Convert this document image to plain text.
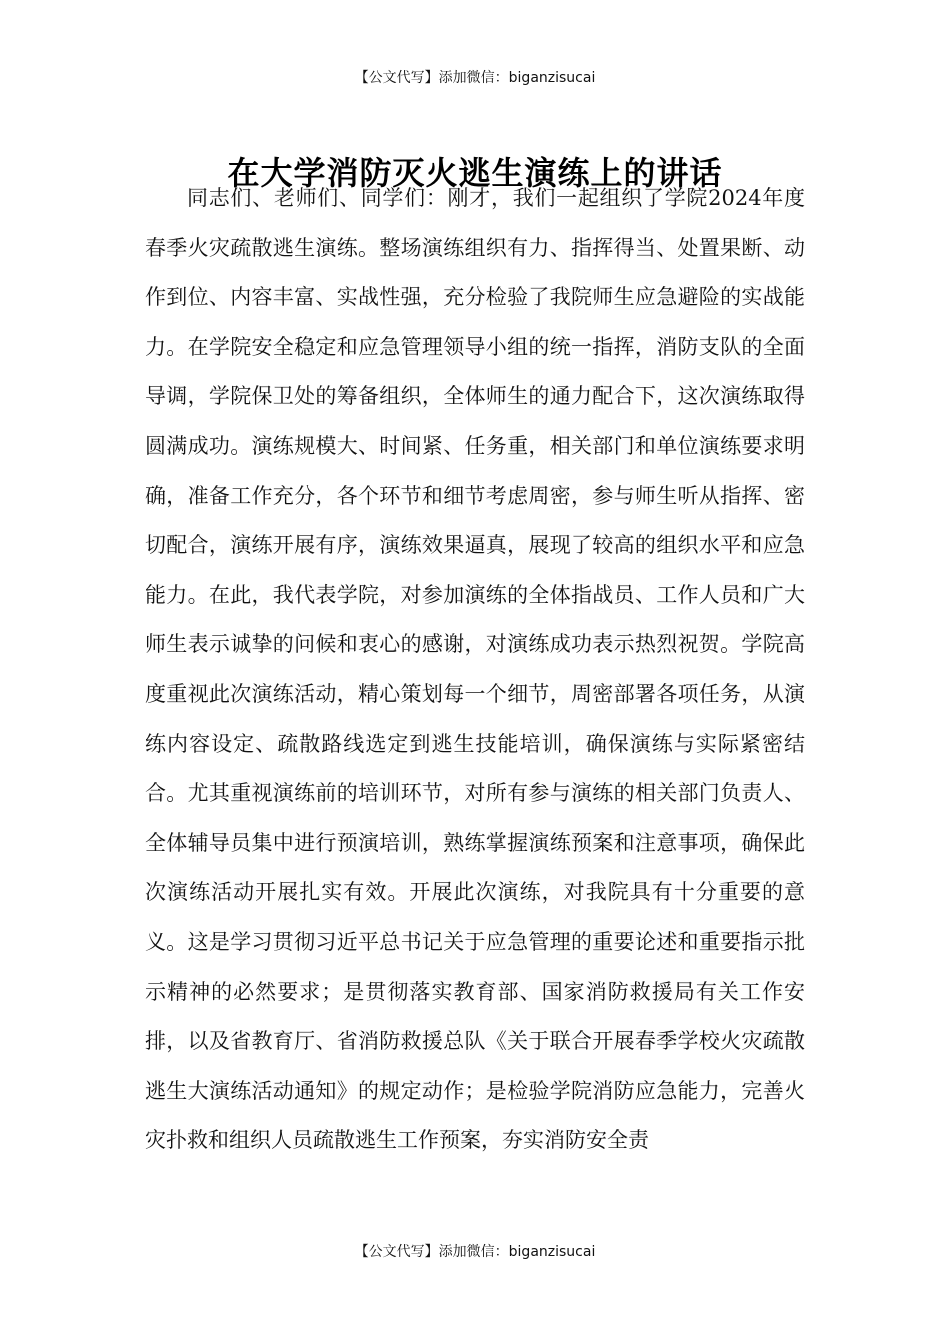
【公文代写】添加微信：biganzisucai
在大学消防灭火逃生演练上的讲话

同志们、老师们、同学们：刚才，我们一起组织了学院2024年度春季火灾疏散逃生演练。整场演练组织有力、指挥得当、处置果断、动作到位、内容丰富、实战性强，充分检验了我院师生应急避险的实战能力。在学院安全稳定和应急管理领导小组的统一指挥，消防支队的全面导调，学院保卫处的筹备组织，全体师生的通力配合下，这次演练取得圆满成功。演练规模大、时间紧、任务重，相关部门和单位演练要求明确，准备工作充分，各个环节和细节考虑周密，参与师生听从指挥、密切配合，演练开展有序，演练效果逼真，展现了较高的组织水平和应急能力。在此，我代表学院，对参加演练的全体指战员、工作人员和广大师生表示诚挚的问候和衷心的感谢，对演练成功表示热烈祝贺。学院高度重视此次演练活动，精心策划每一个细节，周密部署各项任务，从演练内容设定、疏散路线选定到逃生技能培训，确保演练与实际紧密结合。尤其重视演练前的培训环节，对所有参与演练的相关部门负责人、全体辅导员集中进行预演培训，熟练掌握演练预案和注意事项，确保此次演练活动开展扎实有效。开展此次演练，对我院具有十分重要的意义。这是学习贯彻习近平总书记关于应急管理的重要论述和重要指示批示精神的必然要求；是贯彻落实教育部、国家消防救援局有关工作安排，以及省教育厅、省消防救援总队《关于联合开展春季学校火灾疏散逃生大演练活动通知》的规定动作；是检验学院消防应急能力，完善火灾扑救和组织人员疏散逃生工作预案，夯实消防安全责

【公文代写】添加微信：biganzisucai
